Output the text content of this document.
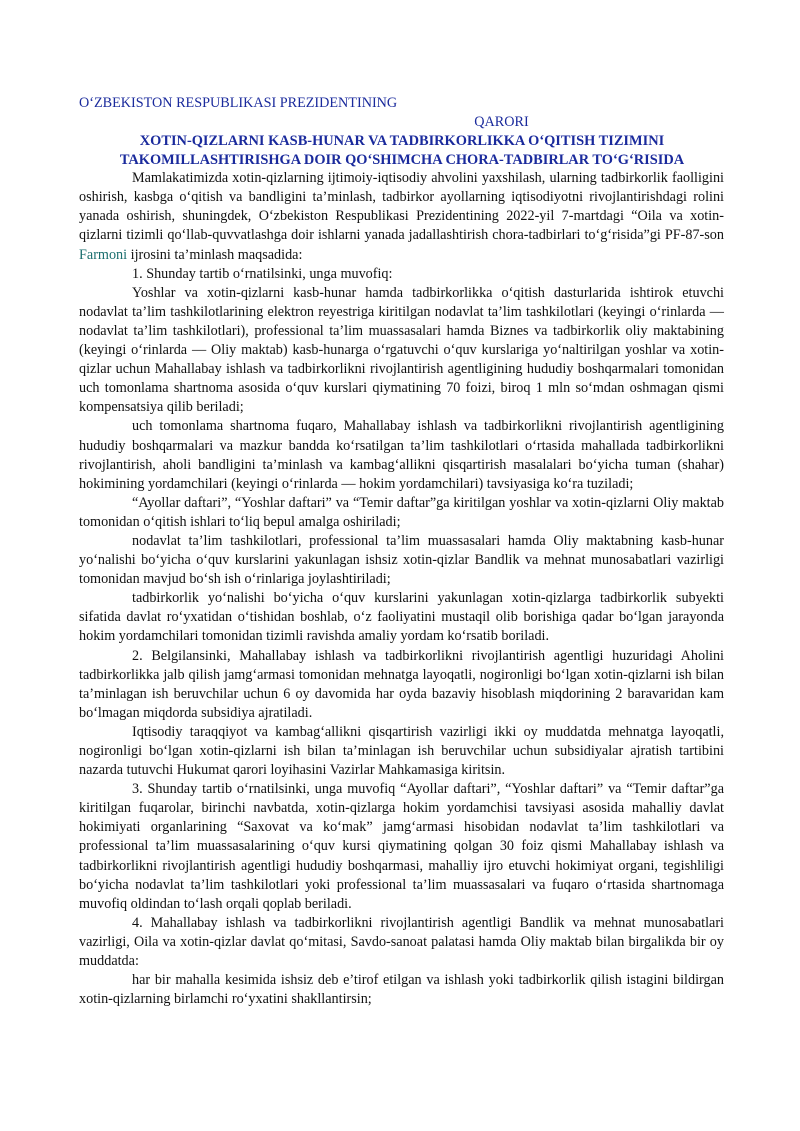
O‘ZBEKISTON RESPUBLIKASI PREZIDENTINING

QARORI

XOTIN-QIZLARNI KASB-HUNAR VA TADBIRKORLIKKA O‘QITISH TIZIMINI

TAKOMILLASHTIRISHGA DOIR QO‘SHIMCHA CHORA-TADBIRLAR TO‘G‘RISIDA

Mamlakatimizda xotin-qizlarning ijtimoiy-iqtisodiy ahvolini yaxshilash, ularning tadbirkorlik faolligini oshirish, kasbga o‘qitish va bandligini ta’minlash, tadbirkor ayollarning iqtisodiyotni rivojlantirishdagi rolini yanada oshirish, shuningdek, O‘zbekiston Respublikasi Prezidentining 2022-yil 7-martdagi “Oila va xotin-qizlarni tizimli qo‘llab-quvvatlashga doir ishlarni yanada jadallashtirish chora-tadbirlari to‘g‘risida”gi PF-87-son Farmoni ijrosini ta’minlash maqsadida:

1. Shunday tartib o‘rnatilsinki, unga muvofiq:

Yoshlar va xotin-qizlarni kasb-hunar hamda tadbirkorlikka o‘qitish dasturlarida ishtirok etuvchi nodavlat ta’lim tashkilotlarining elektron reyestriga kiritilgan nodavlat ta’lim tashkilotlari (keyingi o‘rinlarda — nodavlat ta’lim tashkilotlari), professional ta’lim muassasalari hamda Biznes va tadbirkorlik oliy maktabining (keyingi o‘rinlarda — Oliy maktab) kasb-hunarga o‘rgatuvchi o‘quv kurslariga yo‘naltirilgan yoshlar va xotin-qizlar uchun Mahallabay ishlash va tadbirkorlikni rivojlantirish agentligining hududiy boshqarmalari tomonidan uch tomonlama shartnoma asosida o‘quv kurslari qiymatining 70 foizi, biroq 1 mln so‘mdan oshmagan qismi kompensatsiya qilib beriladi;

uch tomonlama shartnoma fuqaro, Mahallabay ishlash va tadbirkorlikni rivojlantirish agentligining hududiy boshqarmalari va mazkur bandda ko‘rsatilgan ta’lim tashkilotlari o‘rtasida mahallada tadbirkorlikni rivojlantirish, aholi bandligini ta’minlash va kambag‘allikni qisqartirish masalalari bo‘yicha tuman (shahar) hokimining yordamchilari (keyingi o‘rinlarda — hokim yordamchilari) tavsiyasiga ko‘ra tuziladi;

“Ayollar daftari”, “Yoshlar daftari” va “Temir daftar”ga kiritilgan yoshlar va xotin-qizlarni Oliy maktab tomonidan o‘qitish ishlari to‘liq bepul amalga oshiriladi;

nodavlat ta’lim tashkilotlari, professional ta’lim muassasalari hamda Oliy maktabning kasb-hunar yo‘nalishi bo‘yicha o‘quv kurslarini yakunlagan ishsiz xotin-qizlar Bandlik va mehnat munosabatlari vazirligi tomonidan mavjud bo‘sh ish o‘rinlariga joylashtiriladi;

tadbirkorlik yo‘nalishi bo‘yicha o‘quv kurslarini yakunlagan xotin-qizlarga tadbirkorlik subyekti sifatida davlat ro‘yxatidan o‘tishidan boshlab, o‘z faoliyatini mustaqil olib borishiga qadar bo‘lgan jarayonda hokim yordamchilari tomonidan tizimli ravishda amaliy yordam ko‘rsatib boriladi.

2. Belgilansinki, Mahallabay ishlash va tadbirkorlikni rivojlantirish agentligi huzuridagi Aholini tadbirkorlikka jalb qilish jamg‘armasi tomonidan mehnatga layoqatli, nogironligi bo‘lgan xotin-qizlarni ish bilan ta’minlagan ish beruvchilar uchun 6 oy davomida har oyda bazaviy hisoblash miqdorining 2 baravaridan kam bo‘lmagan miqdorda subsidiya ajratiladi.

Iqtisodiy taraqqiyot va kambag‘allikni qisqartirish vazirligi ikki oy muddatda mehnatga layoqatli, nogironligi bo‘lgan xotin-qizlarni ish bilan ta’minlagan ish beruvchilar uchun subsidiyalar ajratish tartibini nazarda tutuvchi Hukumat qarori loyihasini Vazirlar Mahkamasiga kiritsin.

3. Shunday tartib o‘rnatilsinki, unga muvofiq “Ayollar daftari”, “Yoshlar daftari” va “Temir daftar”ga kiritilgan fuqarolar, birinchi navbatda, xotin-qizlarga hokim yordamchisi tavsiyasi asosida mahalliy davlat hokimiyati organlarining “Saxovat va ko‘mak” jamg‘armasi hisobidan nodavlat ta’lim tashkilotlari va professional ta’lim muassasalarining o‘quv kursi qiymatining qolgan 30 foiz qismi Mahallabay ishlash va tadbirkorlikni rivojlantirish agentligi hududiy boshqarmasi, mahalliy ijro etuvchi hokimiyat organi, tegishliligi bo‘yicha nodavlat ta’lim tashkilotlari yoki professional ta’lim muassasalari va fuqaro o‘rtasida shartnomaga muvofiq oldindan to‘lash orqali qoplab beriladi.

4. Mahallabay ishlash va tadbirkorlikni rivojlantirish agentligi Bandlik va mehnat munosabatlari vazirligi, Oila va xotin-qizlar davlat qo‘mitasi, Savdo-sanoat palatasi hamda Oliy maktab bilan birgalikda bir oy muddatda:

har bir mahalla kesimida ishsiz deb e’tirof etilgan va ishlash yoki tadbirkorlik qilish istagini bildirgan xotin-qizlarning birlamchi ro‘yxatini shakllantirsin;
